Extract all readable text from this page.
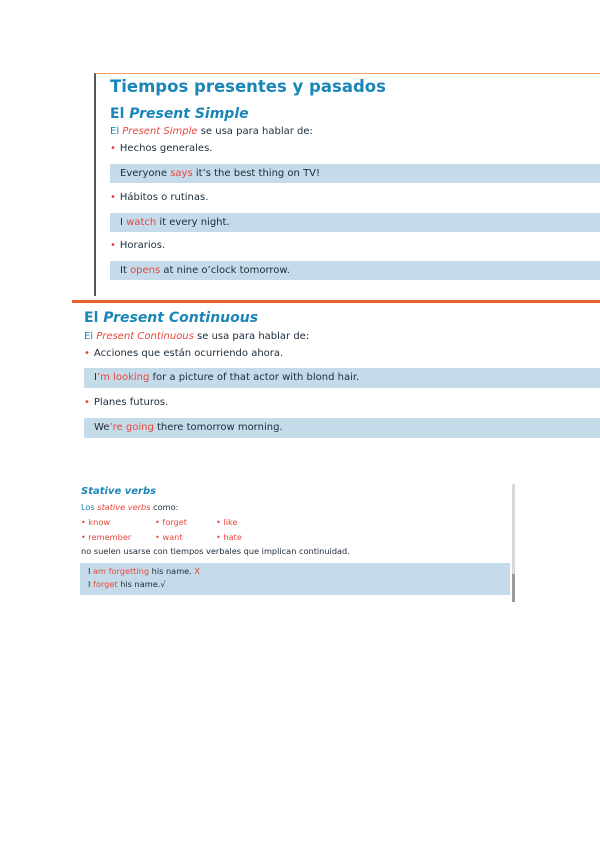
Tiempos presentes y pasados
El Present Simple
El Present Simple se usa para hablar de:
• Hechos generales.
Everyone says it’s the best thing on TV!
• Hábitos o rutinas.
I watch it every night.
• Horarios.
It opens at nine o’clock tomorrow.
El Present Continuous
El Present Continuous se usa para hablar de:
• Acciones que están ocurriendo ahora.
I’m looking for a picture of that actor with blond hair.
• Planes futuros.
We’re going there tomorrow morning.
Stative verbs
Los stative verbs como:
• know	• forget	• like
• remember	• want	• hate
no suelen usarse con tiempos verbales que implican continuidad.
I am forgetting his name. X
I forget his name.√
